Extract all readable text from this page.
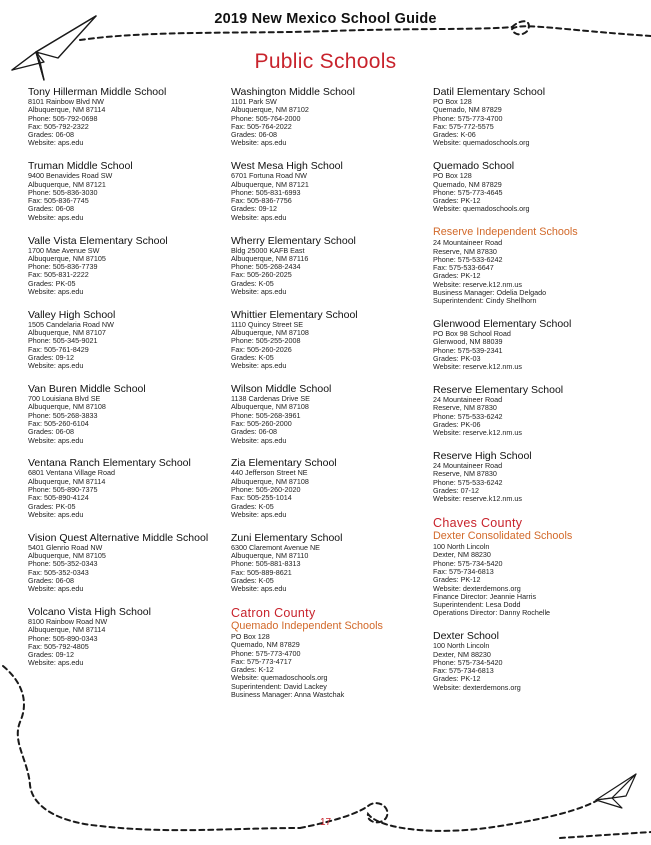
2019 New Mexico School Guide
Public Schools
Tony Hillerman Middle School
8101 Rainbow Blvd NW
Albuquerque, NM 87114
Phone: 505-792-0698
Fax: 505-792-2322
Grades: 06-08
Website: aps.edu
Truman Middle School
9400 Benavides Road SW
Albuquerque, NM 87121
Phone: 505-836-3030
Fax: 505-836-7745
Grades: 06-08
Website: aps.edu
Valle Vista Elementary School
1700 Mae Avenue SW
Albuquerque, NM 87105
Phone: 505-836-7739
Fax: 505-831-2222
Grades: PK-05
Website: aps.edu
Valley High School
1505 Candelaria Road NW
Albuquerque, NM 87107
Phone: 505-345-9021
Fax: 505-761-8429
Grades: 09-12
Website: aps.edu
Van Buren Middle School
700 Louisiana Blvd SE
Albuquerque, NM 87108
Phone: 505-268-3833
Fax: 505-260-6104
Grades: 06-08
Website: aps.edu
Ventana Ranch Elementary School
6801 Ventana Village Road
Albuquerque, NM 87114
Phone: 505-890-7375
Fax: 505-890-4124
Grades: PK-05
Website: aps.edu
Vision Quest Alternative Middle School
5401 Glenrio Road NW
Albuquerque, NM 87105
Phone: 505-352-0343
Fax: 505-352-0343
Grades: 06-08
Website: aps.edu
Volcano Vista High School
8100 Rainbow Road NW
Albuquerque, NM 87114
Phone: 505-890-0343
Fax: 505-792-4805
Grades: 09-12
Website: aps.edu
Washington Middle School
1101 Park SW
Albuquerque, NM 87102
Phone: 505-764-2000
Fax: 505-764-2022
Grades: 06-08
Website: aps.edu
West Mesa High School
6701 Fortuna Road NW
Albuquerque, NM 87121
Phone: 505-831-6993
Fax: 505-836-7756
Grades: 09-12
Website: aps.edu
Wherry Elementary School
Bldg 25000 KAFB East
Albuquerque, NM 87116
Phone: 505-268-2434
Fax: 505-260-2025
Grades: K-05
Website: aps.edu
Whittier Elementary School
1110 Quincy Street SE
Albuquerque, NM 87108
Phone: 505-255-2008
Fax: 505-260-2026
Grades: K-05
Website: aps.edu
Wilson Middle School
1138 Cardenas Drive SE
Albuquerque, NM 87108
Phone: 505-268-3961
Fax: 505-260-2000
Grades: 06-08
Website: aps.edu
Zia Elementary School
440 Jefferson Street NE
Albuquerque, NM 87108
Phone: 505-260-2020
Fax: 505-255-1014
Grades: K-05
Website: aps.edu
Zuni Elementary School
6300 Claremont Avenue NE
Albuquerque, NM 87110
Phone: 505-881-8313
Fax: 505-889-8621
Grades: K-05
Website: aps.edu
Catron County
Quemado Independent Schools
PO Box 128
Quemado, NM 87829
Phone: 575-773-4700
Fax: 575-773-4717
Grades: K-12
Website: quemadoschools.org
Superintendent: David Lackey
Business Manager: Anna Wastchak
Datil Elementary School
PO Box 128
Quemado, NM 87829
Phone: 575-773-4700
Fax: 575-772-5575
Grades: K-06
Website: quemadoschools.org
Quemado School
PO Box 128
Quemado, NM 87829
Phone: 575-773-4645
Grades: PK-12
Website: quemadoschools.org
Reserve Independent Schools
24 Mountaineer Road
Reserve, NM 87830
Phone: 575-533-6242
Fax: 575-533-6647
Grades: PK-12
Website: reserve.k12.nm.us
Business Manager: Odelia Delgado
Superintendent: Cindy Shellhorn
Glenwood Elementary School
PO Box 98 School Road
Glenwood, NM 88039
Phone: 575-539-2341
Grades: PK-03
Website: reserve.k12.nm.us
Reserve Elementary School
24 Mountaineer Road
Reserve, NM 87830
Phone: 575-533-6242
Grades: PK-06
Website: reserve.k12.nm.us
Reserve High School
24 Mountaineer Road
Reserve, NM 87830
Phone: 575-533-6242
Grades: 07-12
Website: reserve.k12.nm.us
Chaves County
Dexter Consolidated Schools
100 North Lincoln
Dexter, NM 88230
Phone: 575-734-5420
Fax: 575-734-6813
Grades: PK-12
Website: dexterdemons.org
Finance Director: Jeannie Harris
Superintendent: Lesa Dodd
Operations Director: Danny Rochelle
Dexter School
100 North Lincoln
Dexter, NM 88230
Phone: 575-734-5420
Fax: 575-734-6813
Grades: PK-12
Website: dexterdemons.org
17
